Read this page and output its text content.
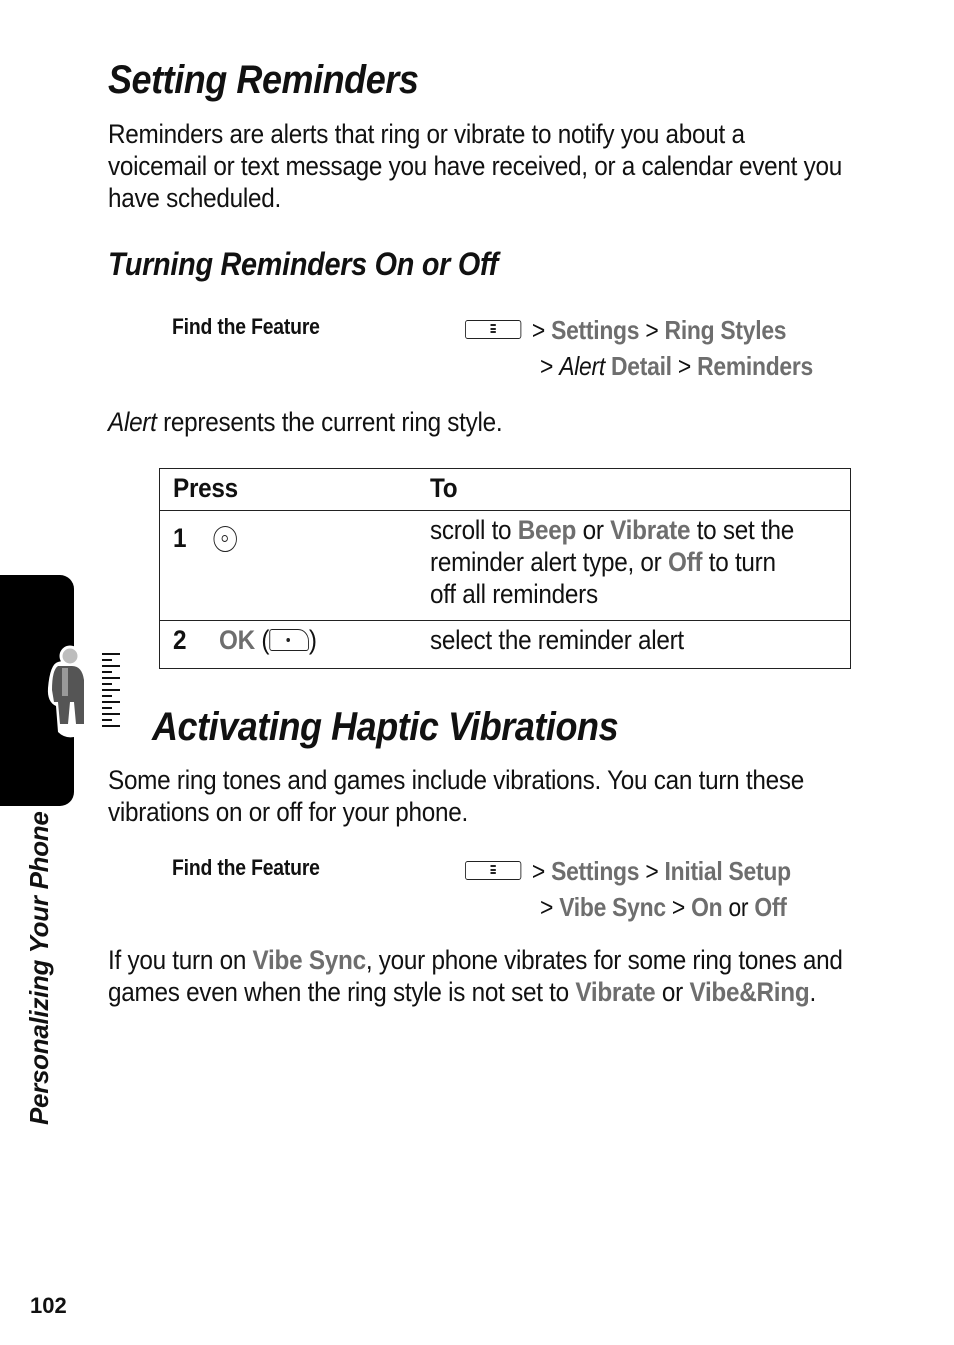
Setting Reminders
Reminders are alerts that ring or vibrate to notify you about a voicemail or text message you have received, or a calendar event you have scheduled.
Turning Reminders On or Off
Find the Feature	> Settings > Ring Styles
> Alert Detail > Reminders
Alert represents the current ring style.
Press	To

1	scroll to Beep or Vibrate to set the reminder alert type, or Off to turn off all reminders

2 OK ( )	select the reminder alert
Activating Haptic Vibrations
Some ring tones and games include vibrations. You can turn these vibrations on or off for your phone.
Find the Feature	> Settings > Initial Setup
> Vibe Sync > On or Off
If you turn on Vibe Sync, your phone vibrates for some ring tones and games even when the ring style is not set to Vibrate or Vibe&Ring.
Personalizing Your Phone
102
